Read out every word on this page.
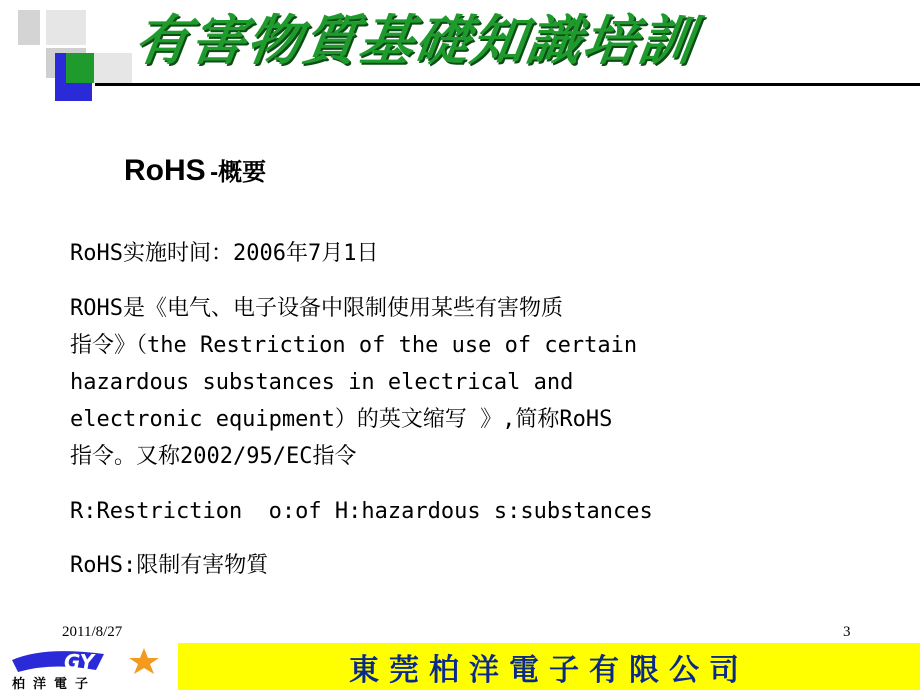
有害物質基礎知識培訓
RoHS -概要
RoHS实施时间：2006年7月1日
ROHS是《电气、电子设备中限制使用某些有害物质
指令》（the Restriction of the use of certain
hazardous substances in electrical and
electronic equipment）的英文缩写 》,简称RoHS
指令。又称2002/95/EC指令
R:Restriction  o:of H:hazardous s:substances
RoHS:限制有害物質
2011/8/27	3
東莞柏洋電子有限公司
GY
柏洋電子
